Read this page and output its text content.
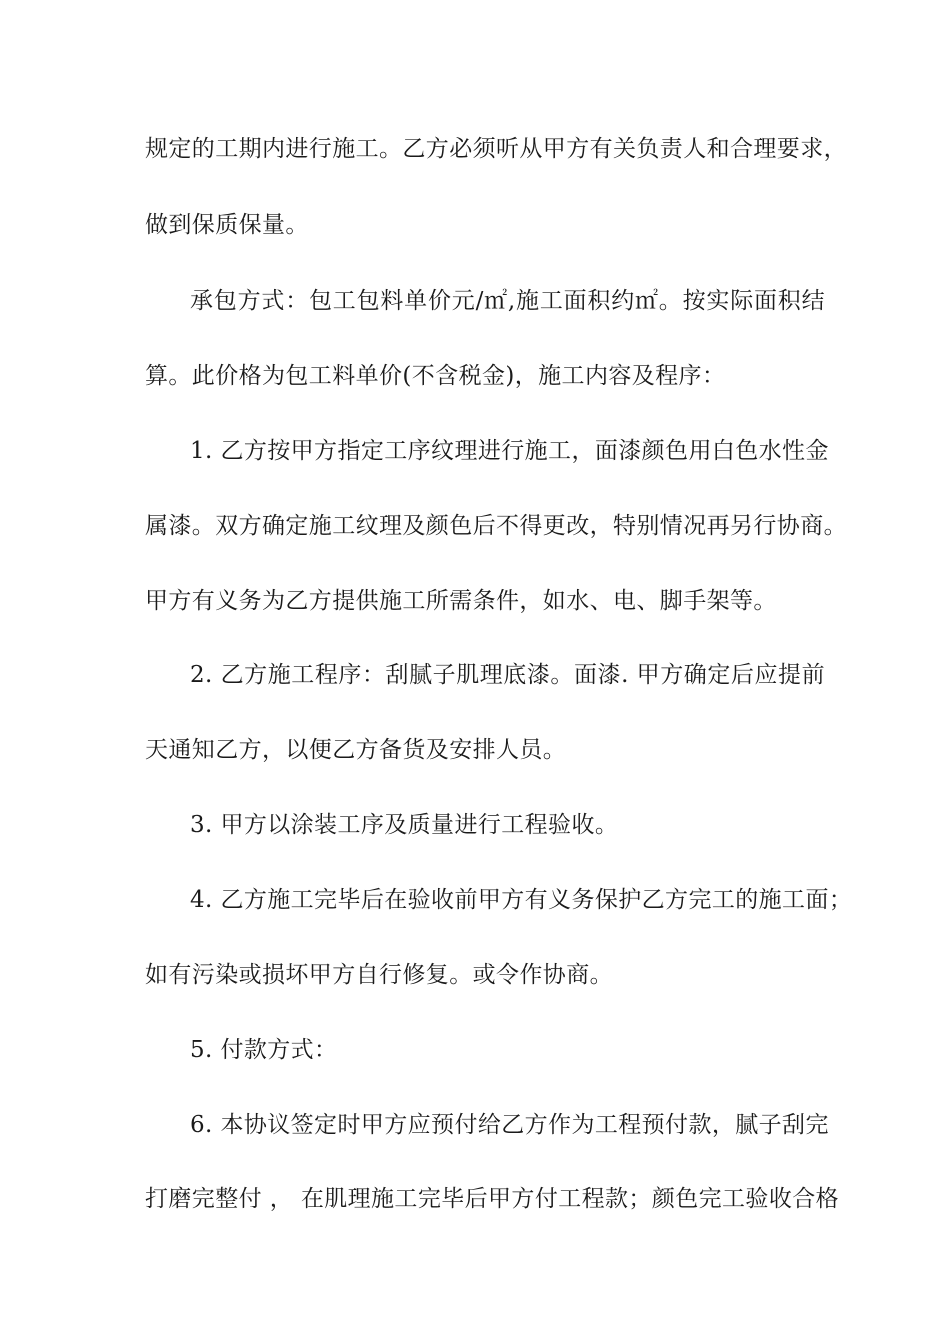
规定的工期内进行施工。乙方必须听从甲方有关负责人和合理要求，
做到保质保量。
承包方式：包工包料单价元/㎡,施工面积约㎡。按实际面积结
算。此价格为包工料单价(不含税金)，施工内容及程序：
1. 乙方按甲方指定工序纹理进行施工，面漆颜色用白色水性金
属漆。双方确定施工纹理及颜色后不得更改，特别情况再另行协商。
甲方有义务为乙方提供施工所需条件，如水、电、脚手架等。
2. 乙方施工程序：刮腻子肌理底漆。面漆. 甲方确定后应提前
天通知乙方，以便乙方备货及安排人员。
3. 甲方以涂装工序及质量进行工程验收。
4. 乙方施工完毕后在验收前甲方有义务保护乙方完工的施工面；
如有污染或损坏甲方自行修复。或令作协商。
5. 付款方式：
6. 本协议签定时甲方应预付给乙方作为工程预付款，腻子刮完
打磨完整付 ， 在肌理施工完毕后甲方付工程款；颜色完工验收合格
